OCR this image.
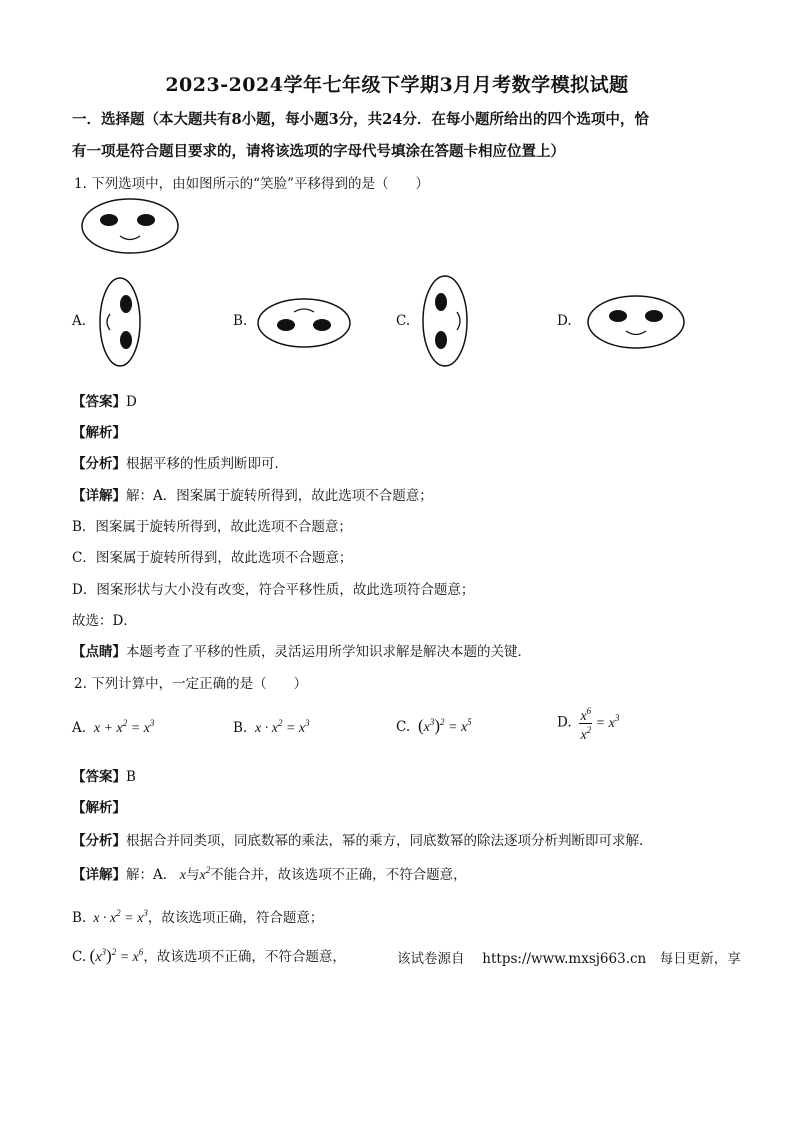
2023-2024学年七年级下学期3月月考数学模拟试题
一．选择题（本大题共有8小题，每小题3分，共24分．在每小题所给出的四个选项中，恰
有一项是符合题目要求的，请将该选项的字母代号填涂在答题卡相应位置上）
1. 下列选项中，由如图所示的“笑脸”平移得到的是（　　）
A.	B.	C.	D.
【答案】D
【解析】
【分析】根据平移的性质判断即可．
【详解】解：A．图案属于旋转所得到，故此选项不合题意；
B．图案属于旋转所得到，故此选项不合题意；
C．图案属于旋转所得到，故此选项不合题意；
D．图案形状与大小没有改变，符合平移性质，故此选项符合题意；
故选：D．
【点睛】本题考查了平移的性质，灵活运用所学知识求解是解决本题的关键．
2. 下列计算中，一定正确的是（　　）
A.  $x + x^2 = x^3$	B.  $x \cdot x^2 = x^3$	C. $(x^3)^2 = x^5$	D. $\frac{x^6}{x^2} = x^3$
【答案】B
【解析】
【分析】根据合并同类项，同底数幂的乘法，幂的乘方，同底数幂的除法逐项分析判断即可求解．
【详解】解：A． x与$x^2$不能合并，故该选项不正确，不符合题意，
B.  $x \cdot x^2 = x^3$，故该选项正确，符合题意；
C. $(x^3)^2 = x^6$，故该选项不正确，不符合题意，	该试卷源自　 https://www.mxsj663.cn　每日更新，享
